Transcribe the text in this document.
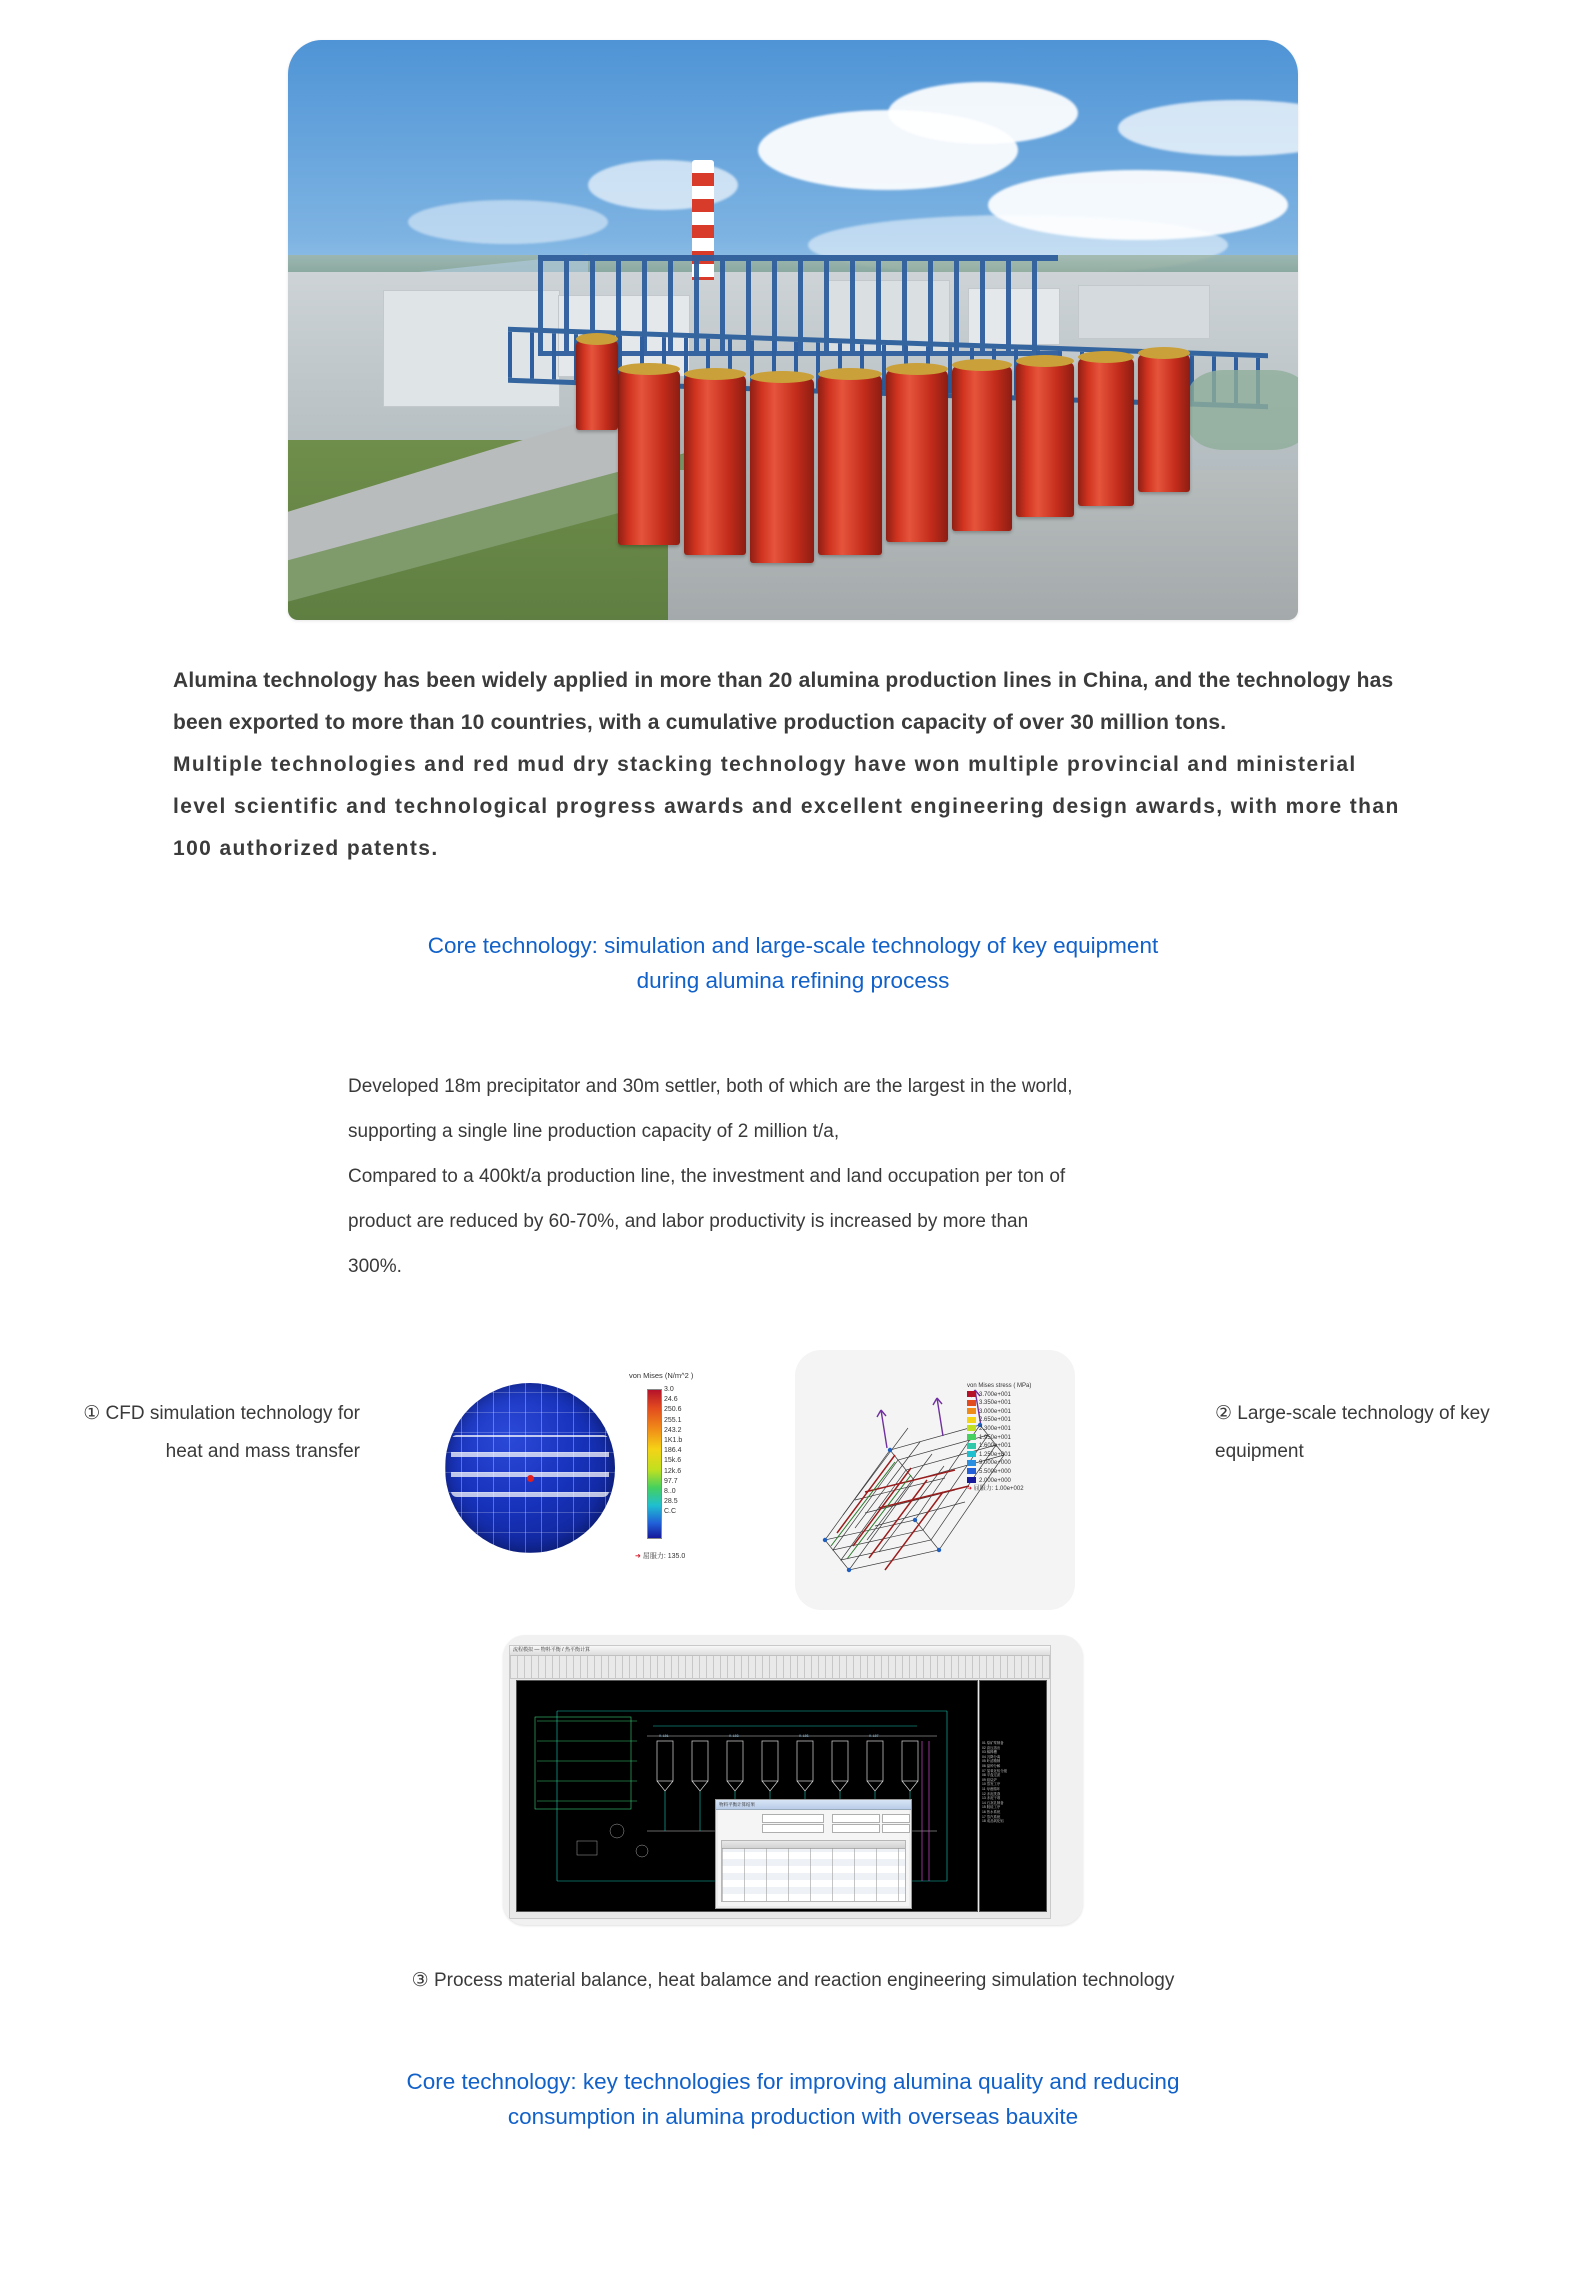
Alumina technology has been widely applied in more than 20 alumina production lines in China, and the technology has been exported to more than 10 countries, with a cumulative production capacity of over 30 million tons.
Multiple technologies and red mud dry stacking technology have won multiple provincial and ministerial level scientific and technological progress awards and excellent engineering design awards, with more than 100 authorized patents.
Core technology: simulation and large-scale technology of key equipment
during alumina refining process
Developed 18m precipitator and 30m settler, both of which are the largest in the world,
supporting a single line production capacity of 2 million t/a,
Compared to a 400kt/a production line, the investment and land occupation per ton of
product are reduced by 60-70%, and labor productivity is increased by more than
300%.
① CFD simulation technology for heat and mass transfer
von Mises (N/m^2 )
3.0
24.6
250.6
255.1
243.2
1K1.b
186.4
15k.6
12k.6
97.7
8..0
28.5
C.C
➜ 屈服力: 135.0
von Mises stress ( MPa)
3.700e+001
3.350e+001
3.000e+001
2.650e+001
2.300e+001
1.950e+001
1.600e+001
1.250e+001
9.000e+000
5.500e+000
2.000e+000
➜ 屈服力: 1.00e+002
② Large-scale technology of key equipment
流程模拟 — 物料平衡 / 热平衡计算
V-101	V-103	V-105	V-107
物料平衡计算结果
01 原矿浆制备
02 高压溶出
03 稀释槽
04 沉降分离
05 叶滤精制
06 晶种分解
07 氢氧化铝分级
08 平盘过滤
09 焙烧炉
10 蒸发工序
11 母液循环
12 赤泥洗涤
13 赤泥干堆
14 石灰乳制备
15 脱硅工序
16 热水系统
17 蒸汽系统
18 成品氧化铝
③ Process material balance, heat balamce and reaction engineering simulation technology
Core technology: key technologies for improving alumina quality and reducing
consumption in alumina production with overseas bauxite
